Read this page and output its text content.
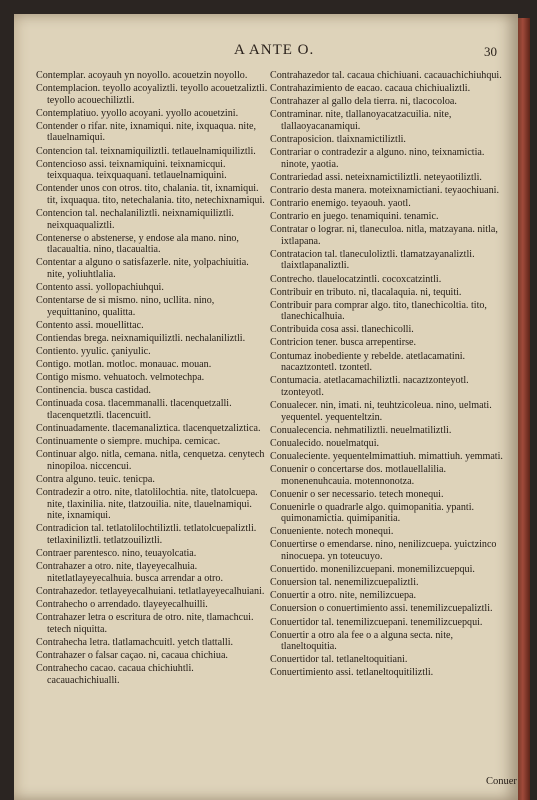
A ANTE O.	30
Contemplar. acoyauh yn noyollo. acouetzin noyollo.
Contemplacion. teyollo acoyaliztli. teyollo acouetzaliztli. teyollo acouechiliztli.
Contemplatiuo. yyollo acoyani. yyollo acouetzini.
Contender o rifar. nite, ixnamiqui. nite, ixquaqua. nite, tlauelnamiqui.
Contencion tal. teixnamiquiliztli. tetlauelnamiquiliztli.
Contencioso assi. teixnamiquini. teixnamicqui. teixquaqua. teixquaquani. tetlauelnamiquini.
Contender unos con otros. tito, chalania. tit, ixnamiqui. tit, ixquaqua. tito, netechalania. tito, netechixnamiqui.
Contencion tal. nechalaniliztli. neixnamiquiliztli. neixquaqualiztli.
Contenerse o abstenerse, y endose ala mano. nino, tlacaualtia. nino, tlacaualtia.
Contentar a alguno o satisfazerle. nite, yolpachiuitia. nite, yoliuhtlalia.
Contento assi. yollopachiuhqui.
Contentarse de si mismo. nino, ucllita. nino, yequittanino, qualitta.
Contento assi. mouellittac.
Contiendas brega. neixnamiquiliztli. nechalaniliztli.
Contiento. yyulic. çaniyulic.
Contigo. motlan. motloc. monauac. mouan.
Contigo mismo. vehuatoch. velmotechpa.
Continencia. busca castidad.
Continuada cosa. tlacemmanalli. tlacenquetzalli. tlacenquetztli. tlacencuitl.
Continuadamente. tlacemanaliztica. tlacenquetzaliztica.
Continuamente o siempre. muchipa. cemicac.
Continuar algo. nitla, cemana. nitla, cenquetza. cenytech ninopiloa. niccencui.
Contra alguno. teuic. tenicpa.
Contradezir a otro. nite, tlatolilochtia. nite, tlatolcuepa. nite, tlaxinilia. nite, tlatzouilia. nite, tlauelnamiqui. nite, ixnamiqui.
Contradicion tal. tetlatolilochtiliztli. tetlatolcuepaliztli. tetlaxiniliztli. tetlatzouiliztli.
Contraer parentesco. nino, teuayolcatia.
Contrahazer a otro. nite, tlayeyecalhuia. nitetlatlayeyecalhuia. busca arrendar a otro.
Contrahazedor. tetlayeyecalhuiani. tetlatlayeyecalhuiani.
Contrahecho o arrendado. tlayeyecalhuilli.
Contrahazer letra o escritura de otro. nite, tlamachcui. tetech niquitta.
Contrahecha letra. tlatlamachcuitl. yetch tlattalli.
Contrahazer o falsar caçao. ni, cacaua chichiua.
Contrahecho cacao. cacaua chichiuhtli. cacauachichiualli.
Contrahazedor tal. cacaua chichiuani. cacauachichiuhqui.
Contrahazimiento de eacao. cacaua chichiualiztli.
Contrahazer al gallo dela tierra. ni, tlacocoloa.
Contraminar. nite, tlallanoyacatzacuilia. nite, tlallaoyacanamiqui.
Contraposicion. tlaixnamictiliztli.
Contrariar o contradezir a alguno. nino, teixnamictia. ninote, yaotia.
Contrariedad assi. neteixnamictiliztli. neteyaotiliztli.
Contrario desta manera. moteixnamictiani. teyaochiuani.
Contrario enemigo. teyaouh. yaotl.
Contrario en juego. tenamiquini. tenamic.
Contratar o lograr. ni, tlaneculoa. nitla, matzayana. nitla, ixtlapana.
Contratacion tal. tlaneculoliztli. tlamatzayanaliztli. tlaixtlapanaliztli.
Contrecho. tlauelocatzintli. cocoxcatzintli.
Contribuir en tributo. ni, tlacalaquia. ni, tequiti.
Contribuir para comprar algo. tito, tlanechicoltia. tito, tlanechicalhuia.
Contribuida cosa assi. tlanechicolli.
Contricion tener. busca arrepentirse.
Contumaz inobediente y rebelde. atetlacamatini. nacaztzontetl. tzontetl.
Contumacia. atetlacamachiliztli. nacaztzonteyotl. tzonteyotl.
Conualecer. nin, imati. ni, teuhtzicoleua. nino, uelmati. yequentel. yequenteltzin.
Conualecencia. nehmatiliztli. neuelmatiliztli.
Conualecido. nouelmatqui.
Conualeciente. yequentelmimattiuh. mimattiuh. yemmati.
Conuenir o concertarse dos. motlauellalilia. monenenuhcauia. motennonotza.
Conuenir o ser necessario. tetech monequi.
Conuenirle o quadrarle algo. quimopanitia. ypanti. quimonamictia. quimipanitia.
Conueniente. notech monequi.
Conuertirse o emendarse. nino, nenilizcuepa. yuictzinco ninocuepa. yn toteucuyo.
Conuertido. monenilizcuepani. monemilizcuepqui.
Conuersion tal. nenemilizcuepaliztli.
Conuertir a otro. nite, nemilizcuepa.
Conuersion o conuertimiento assi. tenemilizcuepaliztli.
Conuertidor tal. tenemilizcuepani. tenemilizcuepqui.
Conuertir a otro ala fee o a alguna secta. nite, tlaneltoquitia.
Conuertidor tal. tetlaneltoquitiani.
Conuertimiento assi. tetlaneltoquitiliztli.
Conuer
